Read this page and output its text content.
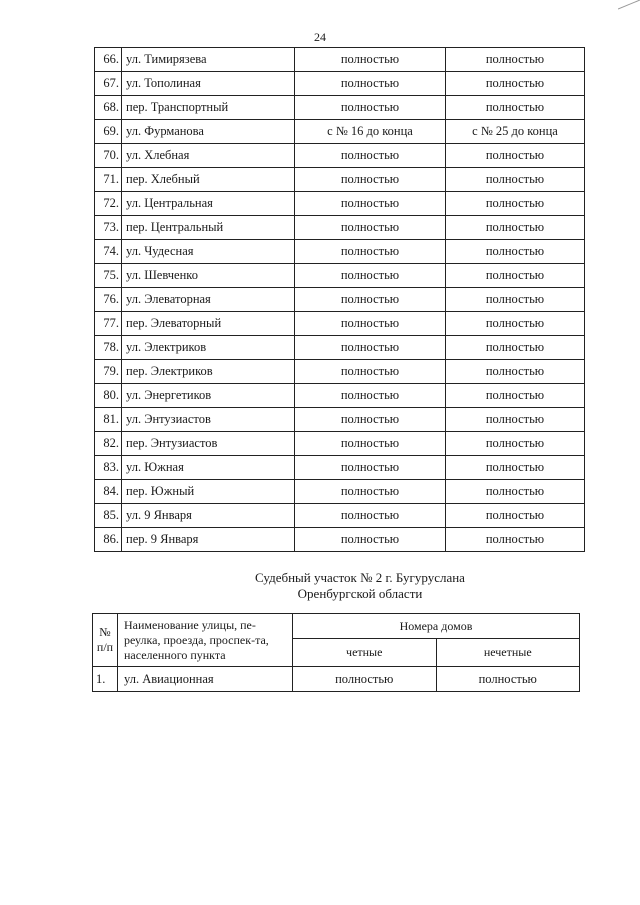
24
66.	ул. Тимирязева	полностью	полностью
67.	ул. Тополиная	полностью	полностью
68.	пер. Транспортный	полностью	полностью
69.	ул. Фурманова	с № 16 до конца	с № 25 до конца
70.	ул. Хлебная	полностью	полностью
71.	пер. Хлебный	полностью	полностью
72.	ул. Центральная	полностью	полностью
73.	пер. Центральный	полностью	полностью
74.	ул. Чудесная	полностью	полностью
75.	ул. Шевченко	полностью	полностью
76.	ул. Элеваторная	полностью	полностью
77.	пер. Элеваторный	полностью	полностью
78.	ул. Электриков	полностью	полностью
79.	пер. Электриков	полностью	полностью
80.	ул. Энергетиков	полностью	полностью
81.	ул. Энтузиастов	полностью	полностью
82.	пер. Энтузиастов	полностью	полностью
83.	ул. Южная	полностью	полностью
84.	пер. Южный	полностью	полностью
85.	ул. 9 Января	полностью	полностью
86.	пер. 9 Января	полностью	полностью
Судебный участок № 2 г. Бугуруслана
Оренбургской области
№ п/п	Наименование улицы, пе-реулка, проезда, проспек-та, населенного пункта	Номера домов	
		четные	нечетные
1.	ул. Авиационная	полностью	полностью
